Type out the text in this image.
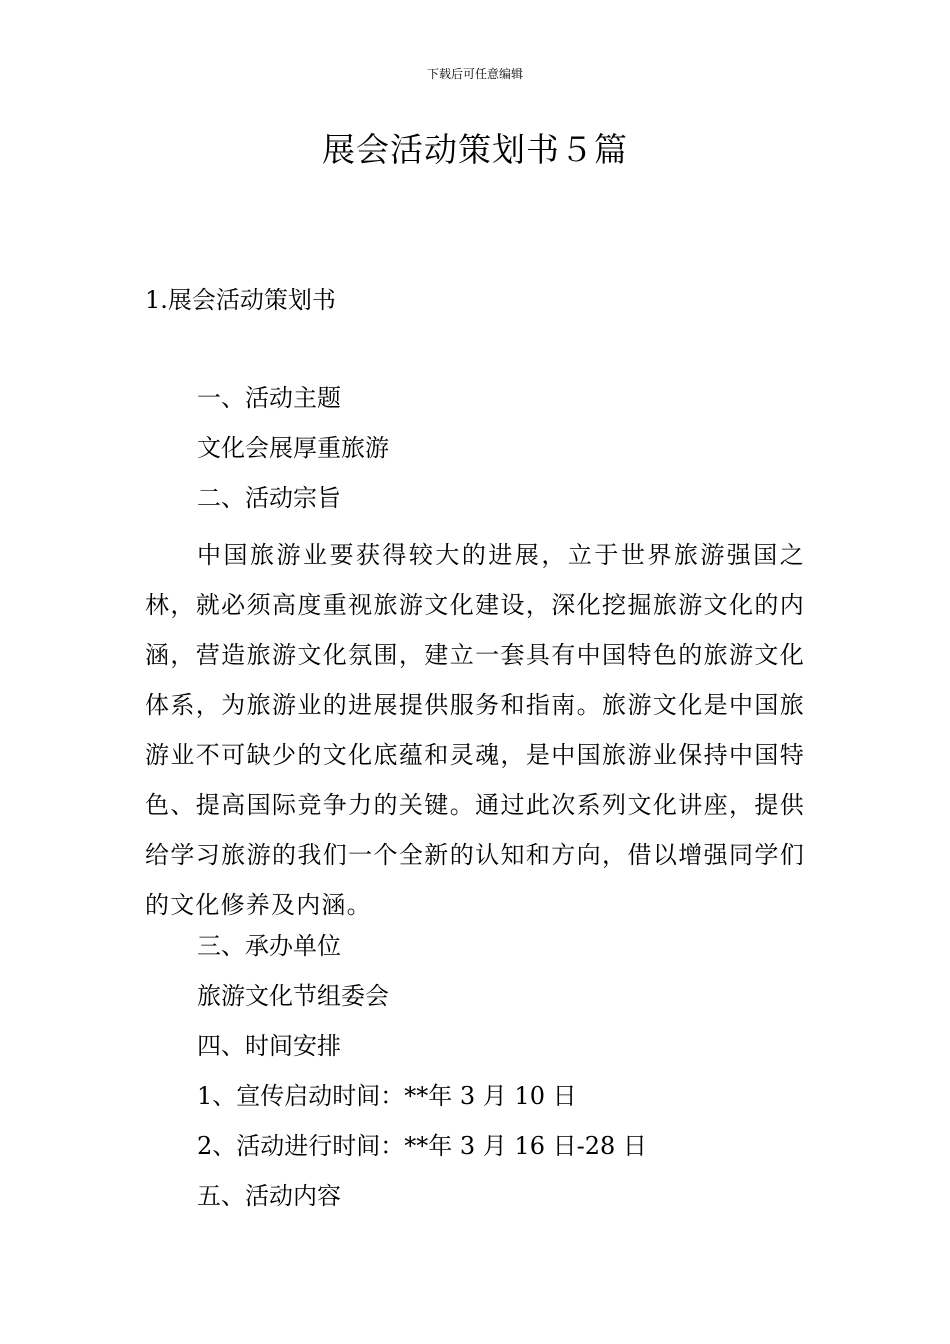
下载后可任意编辑
展会活动策划书５篇
1.展会活动策划书
一、活动主题
文化会展厚重旅游
二、活动宗旨
中国旅游业要获得较大的进展，立于世界旅游强国之林，就必须高度重视旅游文化建设，深化挖掘旅游文化的内涵，营造旅游文化氛围，建立一套具有中国特色的旅游文化体系，为旅游业的进展提供服务和指南。旅游文化是中国旅游业不可缺少的文化底蕴和灵魂，是中国旅游业保持中国特色、提高国际竞争力的关键。通过此次系列文化讲座，提供给学习旅游的我们一个全新的认知和方向，借以增强同学们的文化修养及内涵。
三、承办单位
旅游文化节组委会
四、时间安排
1、宣传启动时间：**年 3 月 10 日
2、活动进行时间：**年 3 月 16 日-28 日
五、活动内容
